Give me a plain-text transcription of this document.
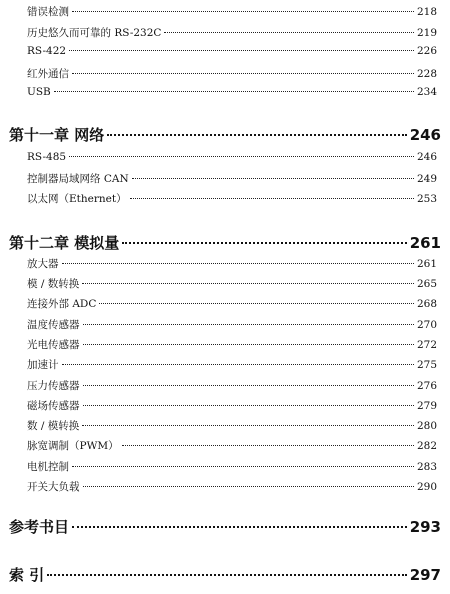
错误检测	218
历史悠久而可靠的 RS-232C	219
RS-422	226
红外通信	228
USB	234
第十一章 网络	246
RS-485	246
控制器局域网络 CAN	249
以太网（Ethernet）	253
第十二章 模拟量	261
放大器	261
模 / 数转换	265
连接外部 ADC	268
温度传感器	270
光电传感器	272
加速计	275
压力传感器	276
磁场传感器	279
数 / 模转换	280
脉宽调制（PWM）	282
电机控制	283
开关大负载	290
参考书目	293
索 引	297
